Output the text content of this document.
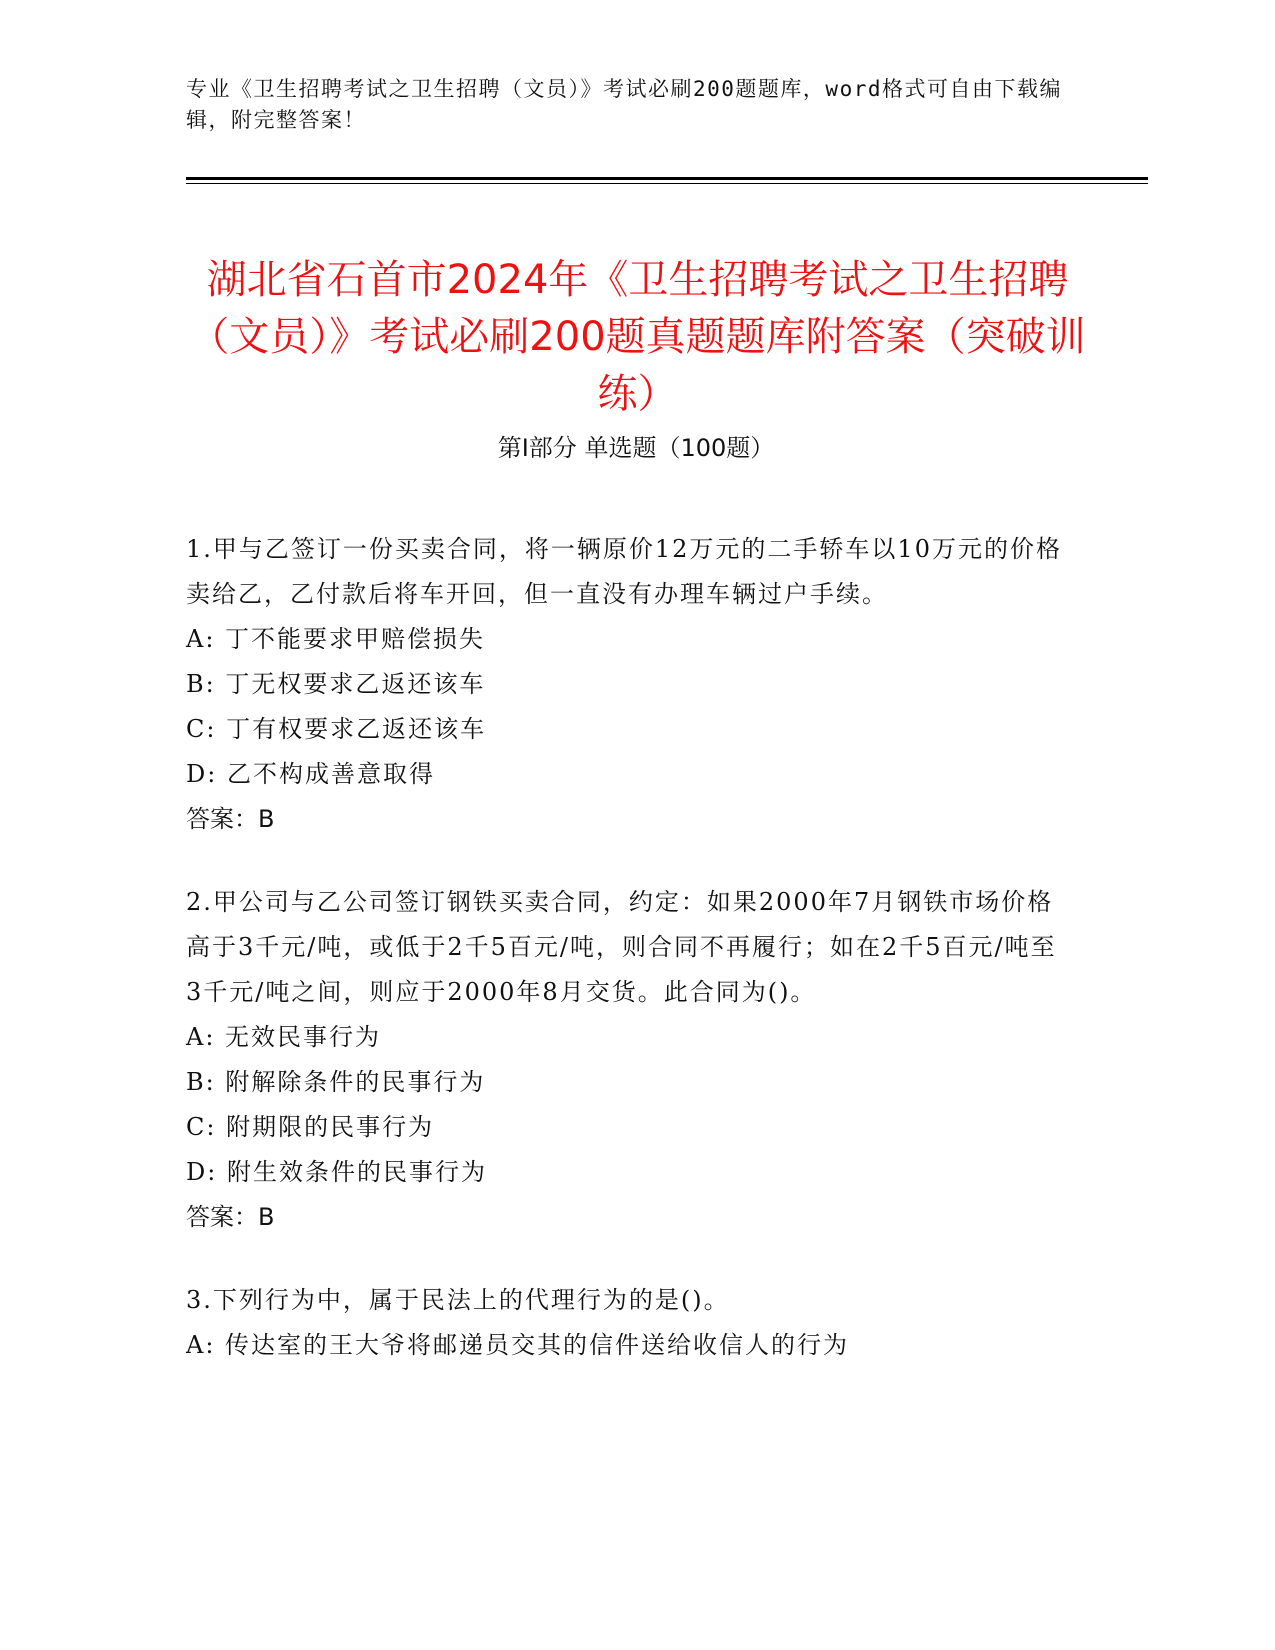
专业《卫生招聘考试之卫生招聘（文员）》考试必刷200题题库，word格式可自由下载编辑，附完整答案！
湖北省石首市2024年《卫生招聘考试之卫生招聘（文员）》考试必刷200题真题题库附答案（突破训练）
第Ⅰ部分 单选题（100题）

1.甲与乙签订一份买卖合同，将一辆原价12万元的二手轿车以10万元的价格卖给乙，乙付款后将车开回，但一直没有办理车辆过户手续。

A: 丁不能要求甲赔偿损失

B: 丁无权要求乙返还该车

C: 丁有权要求乙返还该车

D: 乙不构成善意取得

答案：B

2.甲公司与乙公司签订钢铁买卖合同，约定：如果2000年7月钢铁市场价格高于3千元/吨，或低于2千5百元/吨，则合同不再履行；如在2千5百元/吨至3千元/吨之间，则应于2000年8月交货。此合同为()。

A: 无效民事行为

B: 附解除条件的民事行为

C: 附期限的民事行为

D: 附生效条件的民事行为

答案：B

3.下列行为中，属于民法上的代理行为的是()。

A: 传达室的王大爷将邮递员交其的信件送给收信人的行为
